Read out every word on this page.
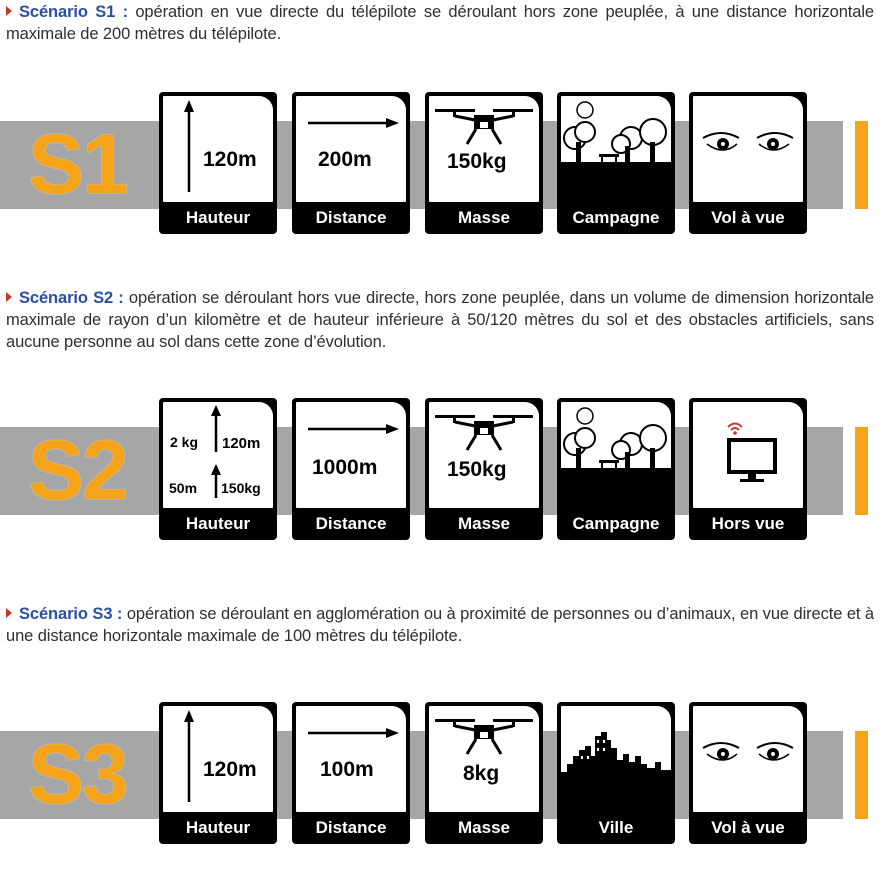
Scénario S1 : opération en vue directe du télépilote se déroulant hors zone peuplée, à une distance horizontale maximale de 200 mètres du télépilote.
S1	120m
Hauteur
200m
Distance
150kg
Masse	Campagne	Vol à vue
Scénario S2 : opération se déroulant hors vue directe, hors zone peuplée, dans un volume de dimension horizontale maximale de rayon d’un kilomètre et de hauteur inférieure à 50/120 mètres du sol et des obstacles artificiels, sans aucune personne au sol dans cette zone d’évolution.
S2	2 kg 120m
50m 150kg
Hauteur
1000m
Distance
150kg
Masse	Campagne	Hors vue
Scénario S3 : opération se déroulant en agglomération ou à proximité de personnes ou d’animaux, en vue directe et à une distance horizontale maximale de 100 mètres du télépilote.
S3	120m
Hauteur
100m
Distance
8kg
Masse	Ville	Vol à vue
